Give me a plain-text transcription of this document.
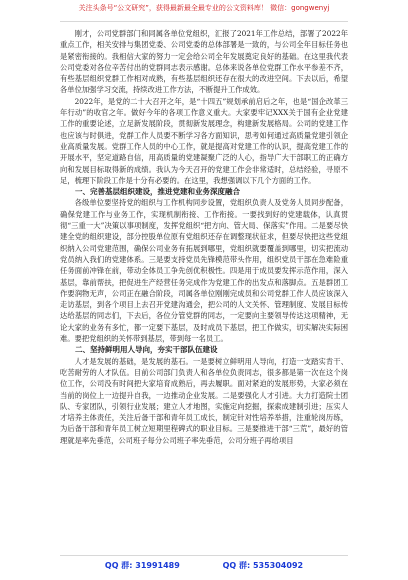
关注头条号“公文研究”，获得最新最全最专业的公文资料库！ 微信：gongwenyj

刚才，公司党群部门和同属各单位党组织，汇报了2021年工作总结，部署了2022年重点工作，相关安排与集团党委、公司党委的总体部署是一致的，与公司全年目标任务也是紧密衔接的。我相信大家的努力一定会给公司全年发展奠定良好的基础。在这里我代表公司党委对各位辛苦付出的党群同志表示感谢。总体来说各单位党群工作水平参差不齐，有些基层组织党群工作相对成熟，有些基层组织还存在很大的改进空间。下去以后，希望各单位加强学习交流，持续改进工作方法，不断提升工作成效。

2022年，是党的二十大召开之年，是“十四五”规划承前启后之年，也是“国企改革三年行动”的收官之年。做好今年的各项工作意义重大。大家要牢记XXX关于国有企业党建工作的重要论述，立足新发展阶段，贯彻新发展理念，构建新发展格局。公司的党建工作也应该与时俱进，党群工作人员要不断学习各方面知识，思考如何通过高质量党建引领企业高质量发展。党群工作人员的中心工作，就是提高对党建工作的认识，提高党建工作的开展水平，坚定道路自信，用高质量的党建凝聚广泛的人心，指导广大干部职工的正确方向和发展目标取得新的成绩。我认为今天召开的党建工作会非常适时，总结经验，寻原不足，梳理下阶段工作是十分有必要的。在这里，我想强调以下几个方面的工作。

一、完善基层组织建设，推进党建和业务深度融合

各级单位要坚持党的组织与工作机构同步设置，党组织负责人及党务人员同步配备，确保党建工作与业务工作，实现机制衔接、工作衔接。一要找到好的党建载体，认真贯彻“三重一大”决策以事项制度，发挥党组织“把方向、管大局、保落实”作用。二是要尽快建全党的组织建设，部分控股单位原有党组织还存在调整现状征求，但要尽快把这些党组织纳入公司党建范围，确保公司业务有拓展到哪里，党组织就要覆盖到哪里，切实把流动党员纳入我们的党建体系。三是要支持党员先锋模范带头作用，组织党员干部在急难险重任务面前冲锋在前，带动全体员工争先创优积极性。四是用于成员要发挥示范作用，深入基层，靠前帮扶，把促进生产经营任务完成作为党建工作的出发点和落脚点。五是群团工作要润物无声，公司正在融合阶段，司属各单位刚刚完成员和公司党群工作人员应该深入走访基层，到各个项目上去召开党建沟通会，把公司的人文关怀、管理制度、发展目标传达给基层的同志们，下去后，各位分管党群的同志，一定要向主要领导传达这项精神，无论大家的业务有多忙，都一定要下基层，及时成员下基层，把工作做实，切实解决实际困难。要把党组织的关怀带到基层，带到每一名员工。

二、坚持鲜明用人导向，夯实干部队伍建设

人才是发展的基础，是发展的基石。一是要树立鲜明用人导向，打造一支踏实肯干、吃苦耐劳的人才队伍。目前公司部门负责人和各单位负责同志，很多都是第一次在这个岗位工作，公司没有时间把大家培育成熟后，再去履职。面对紧迫的发展形势，大家必须在当前的岗位上一边提升自我，一边推动企业发展。二是要强化人才引进。大力打造院士团队、专家团队，引领行业发展；建立人才地图，实施定向挖掘，探索成建制引进；压实人才培养主体责任，关注后备干部和青年员工成长，制定针对性培养举措，注重轮岗历练，为后备干部和青年员工树立短期里程碑式的职业目标。三是要推进干部“三荒”，最好的管理就是率先垂范，公司班子每分公司班子率先垂范，公司分班子再给项目

QQ 群: 31991489	QQ 群: 535304092
